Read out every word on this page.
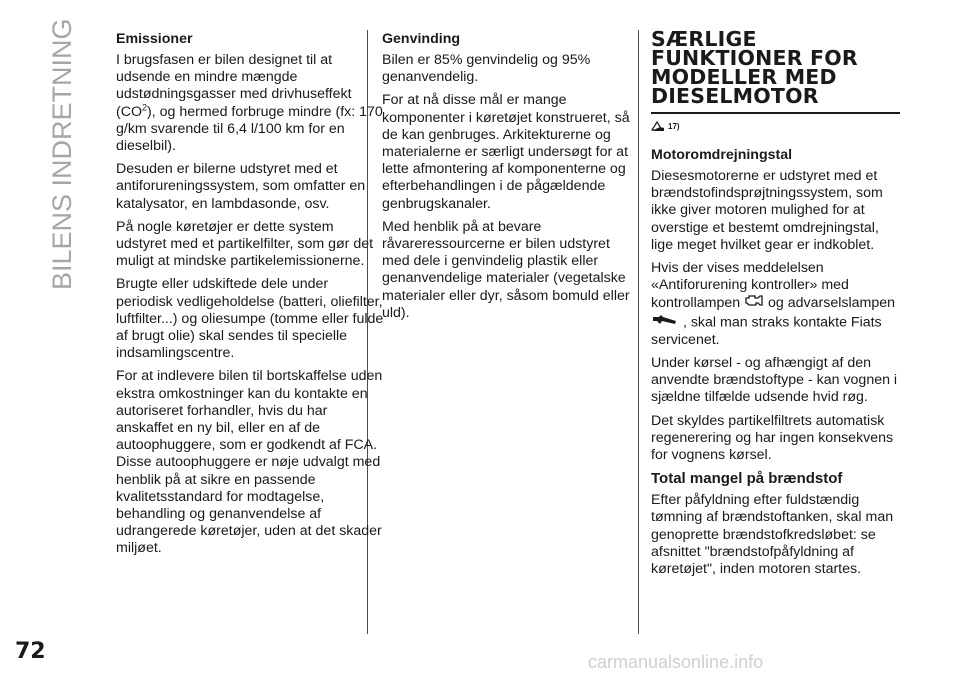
BILENS INDRETNING	Emissioner

I brugsfasen er bilen designet til at udsende en mindre mængde udstødningsgasser med drivhuseffekt $(CO^2)$, og hermed forbruge mindre (fx: 170 g/km svarende til 6,4 l/100 km for en dieselbil).

Desuden er bilerne udstyret med et antiforureningssystem, som omfatter en katalysator, en lambdasonde, osv.

På nogle køretøjer er dette system udstyret med et partikelfilter, som gør det muligt at mindske partikelemissionerne.

Brugte eller udskiftede dele under periodisk vedligeholdelse (batteri, oliefilter, luftfilter...) og oliesumpe (tomme eller fulde af brugt olie) skal sendes til specielle indsamlingscentre.

For at indlevere bilen til bortskaffelse uden ekstra omkostninger kan du kontakte en autoriseret forhandler, hvis du har anskaffet en ny bil, eller en af de autoophuggere, som er godkendt af FCA. Disse autoophuggere er nøje udvalgt med henblik på at sikre en passende kvalitetsstandard for modtagelse, behandling og genanvendelse af udrangerede køretøjer, uden at det skader miljøet.

Genvinding

Bilen er 85% genvindelig og 95% genanvendelig.

For at nå disse mål er mange komponenter i køretøjet konstrueret, så de kan genbruges. Arkitekturerne og materialerne er særligt undersøgt for at lette afmontering af komponenterne og efterbehandlingen i de pågældende genbrugskanaler.

Med henblik på at bevare råvareressourcerne er bilen udstyret med dele i genvindelig plastik eller genanvendelige materialer (vegetalske materialer eller dyr, såsom bomuld eller uld).

SÆRLIGE FUNKTIONER FOR MODELLER MED DIESELMOTOR
17)
Motoromdrejningstal

Diesesmotorerne er udstyret med et brændstofindsprøjtningssystem, som ikke giver motoren mulighed for at overstige et bestemt omdrejningstal, lige meget hvilket gear er indkoblet.

Hvis der vises meddelelsen «Antiforurening kontroller» med kontrollampen og advarselslampen
, skal man straks kontakte Fiats servicenet.

Under kørsel - og afhængigt af den anvendte brændstoftype - kan vognen i sjældne tilfælde udsende hvid røg.

Det skyldes partikelfiltrets automatisk regenerering og har ingen konsekvens for vognens kørsel.

Total mangel på brændstof

Efter påfyldning efter fuldstændig tømning af brændstoftanken, skal man genoprette brændstofkredsløbet: se afsnittet "brændstofpåfyldning af køretøjet", inden motoren startes.

72	carmanualsonline.info
